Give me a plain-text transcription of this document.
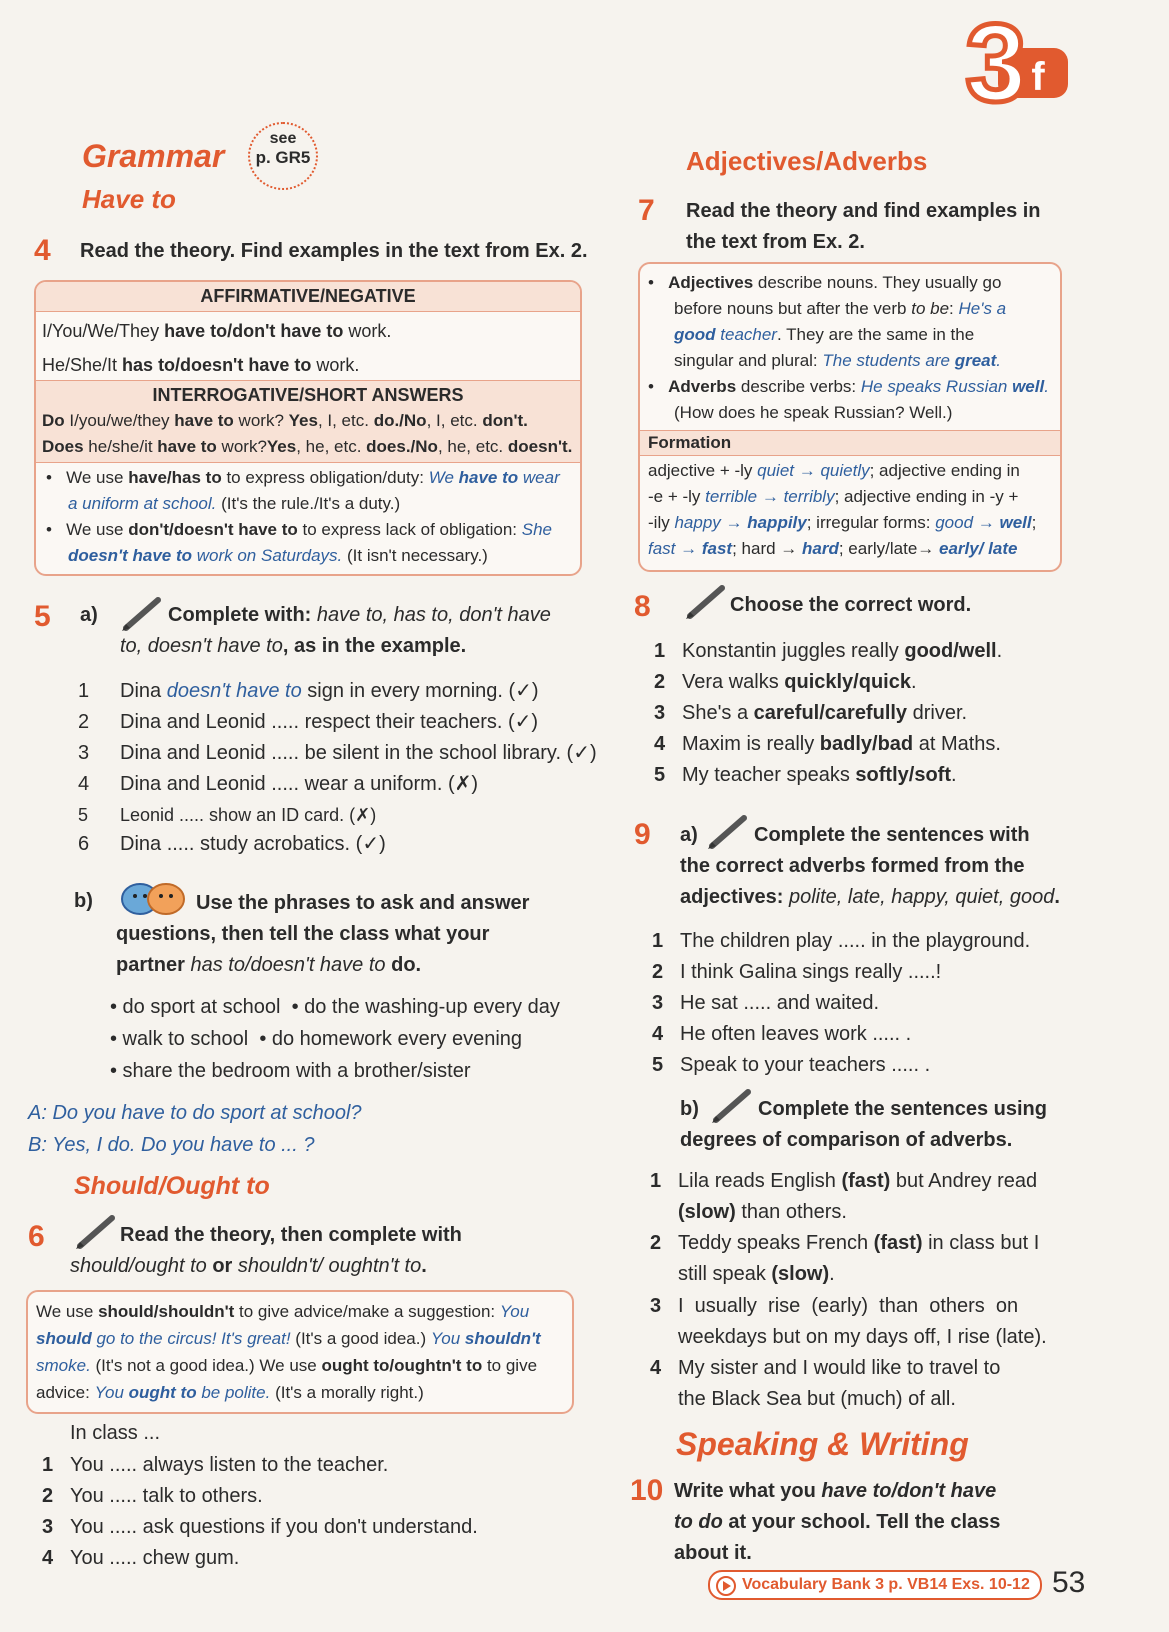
3 f
Grammar
Have to
see
p. GR5
4 Read the theory. Find examples in the text from Ex. 2.
AFFIRMATIVE/NEGATIVE
I/You/We/They have to/don't have to work.
He/She/It has to/doesn't have to work.
INTERROGATIVE/SHORT ANSWERS
Do I/you/we/they have to work? Yes, I, etc. do./No, I, etc. don't.
Does he/she/it have to work?Yes, he, etc. does./No, he, etc. doesn't.
•   We use have/has to to express obligation/duty: We have to wear a uniform at school. (It's the rule./It's a duty.)
•   We use don't/doesn't have to to express lack of obligation: She doesn't have to work on Saturdays. (It isn't necessary.)
5 a)	Complete with: have to, has to, don't have
to, doesn't have to, as in the example.
1 Dina doesn't have to sign in every morning. (✓)
2 Dina and Leonid ..... respect their teachers. (✓)
3 Dina and Leonid ..... be silent in the school library. (✓)
4 Dina and Leonid ..... wear a uniform. (✗)
5 Leonid ..... show an ID card. (✗)
6 Dina ..... study acrobatics. (✓)
b)	Use the phrases to ask and answer
questions, then tell the class what your
partner has to/doesn't have to do.
• do sport at school • do the washing-up every day
• walk to school • do homework every evening
• share the bedroom with a brother/sister
A: Do you have to do sport at school?
B: Yes, I do. Do you have to ... ?
Should/Ought to
6	Read the theory, then complete with
should/ought to or shouldn't/ oughtn't to.
We use should/shouldn't to give advice/make a suggestion: You
should go to the circus! It's great! (It's a good idea.) You shouldn't
smoke. (It's not a good idea.) We use ought to/oughtn't to to give
advice: You ought to be polite. (It's a morally right.)
In class ...
1 You ..... always listen to the teacher.
2 You ..... talk to others.
3 You ..... ask questions if you don't understand.
4 You ..... chew gum.
Adjectives/Adverbs
7 Read the theory and find examples in
the text from Ex. 2.
•   Adjectives describe nouns. They usually go
before nouns but after the verb to be: He's a
good teacher. They are the same in the
singular and plural: The students are great.
•   Adverbs describe verbs: He speaks Russian well.
(How does he speak Russian? Well.)
Formation
adjective + -ly quiet → quietly; adjective ending in
-e + -ly terrible → terribly; adjective ending in -y +
-ily happy → happily; irregular forms: good → well;
fast → fast; hard → hard; early/late→ early/ late
8	Choose the correct word.
1 Konstantin juggles really good/well.
2 Vera walks quickly/quick.
3 She's a careful/carefully driver.
4 Maxim is really badly/bad at Maths.
5 My teacher speaks softly/soft.
9 a)	Complete the sentences with
the correct adverbs formed from the
adjectives: polite, late, happy, quiet, good.
1 The children play ..... in the playground.
2 I think Galina sings really .....!
3 He sat ..... and waited.
4 He often leaves work ..... .
5 Speak to your teachers ..... .
b)	Complete the sentences using
degrees of comparison of adverbs.
1 Lila reads English (fast) but Andrey read
(slow) than others.
2 Teddy speaks French (fast) in class but I
still speak (slow).
3 I  usually  rise  (early)  than  others  on
weekdays but on my days off, I rise (late).
4 My sister and I would like to travel to
the Black Sea but (much) of all.
Speaking & Writing
10 Write what you have to/don't have
to do at your school. Tell the class
about it.
Vocabulary Bank 3 p. VB14 Exs. 10-12 53
